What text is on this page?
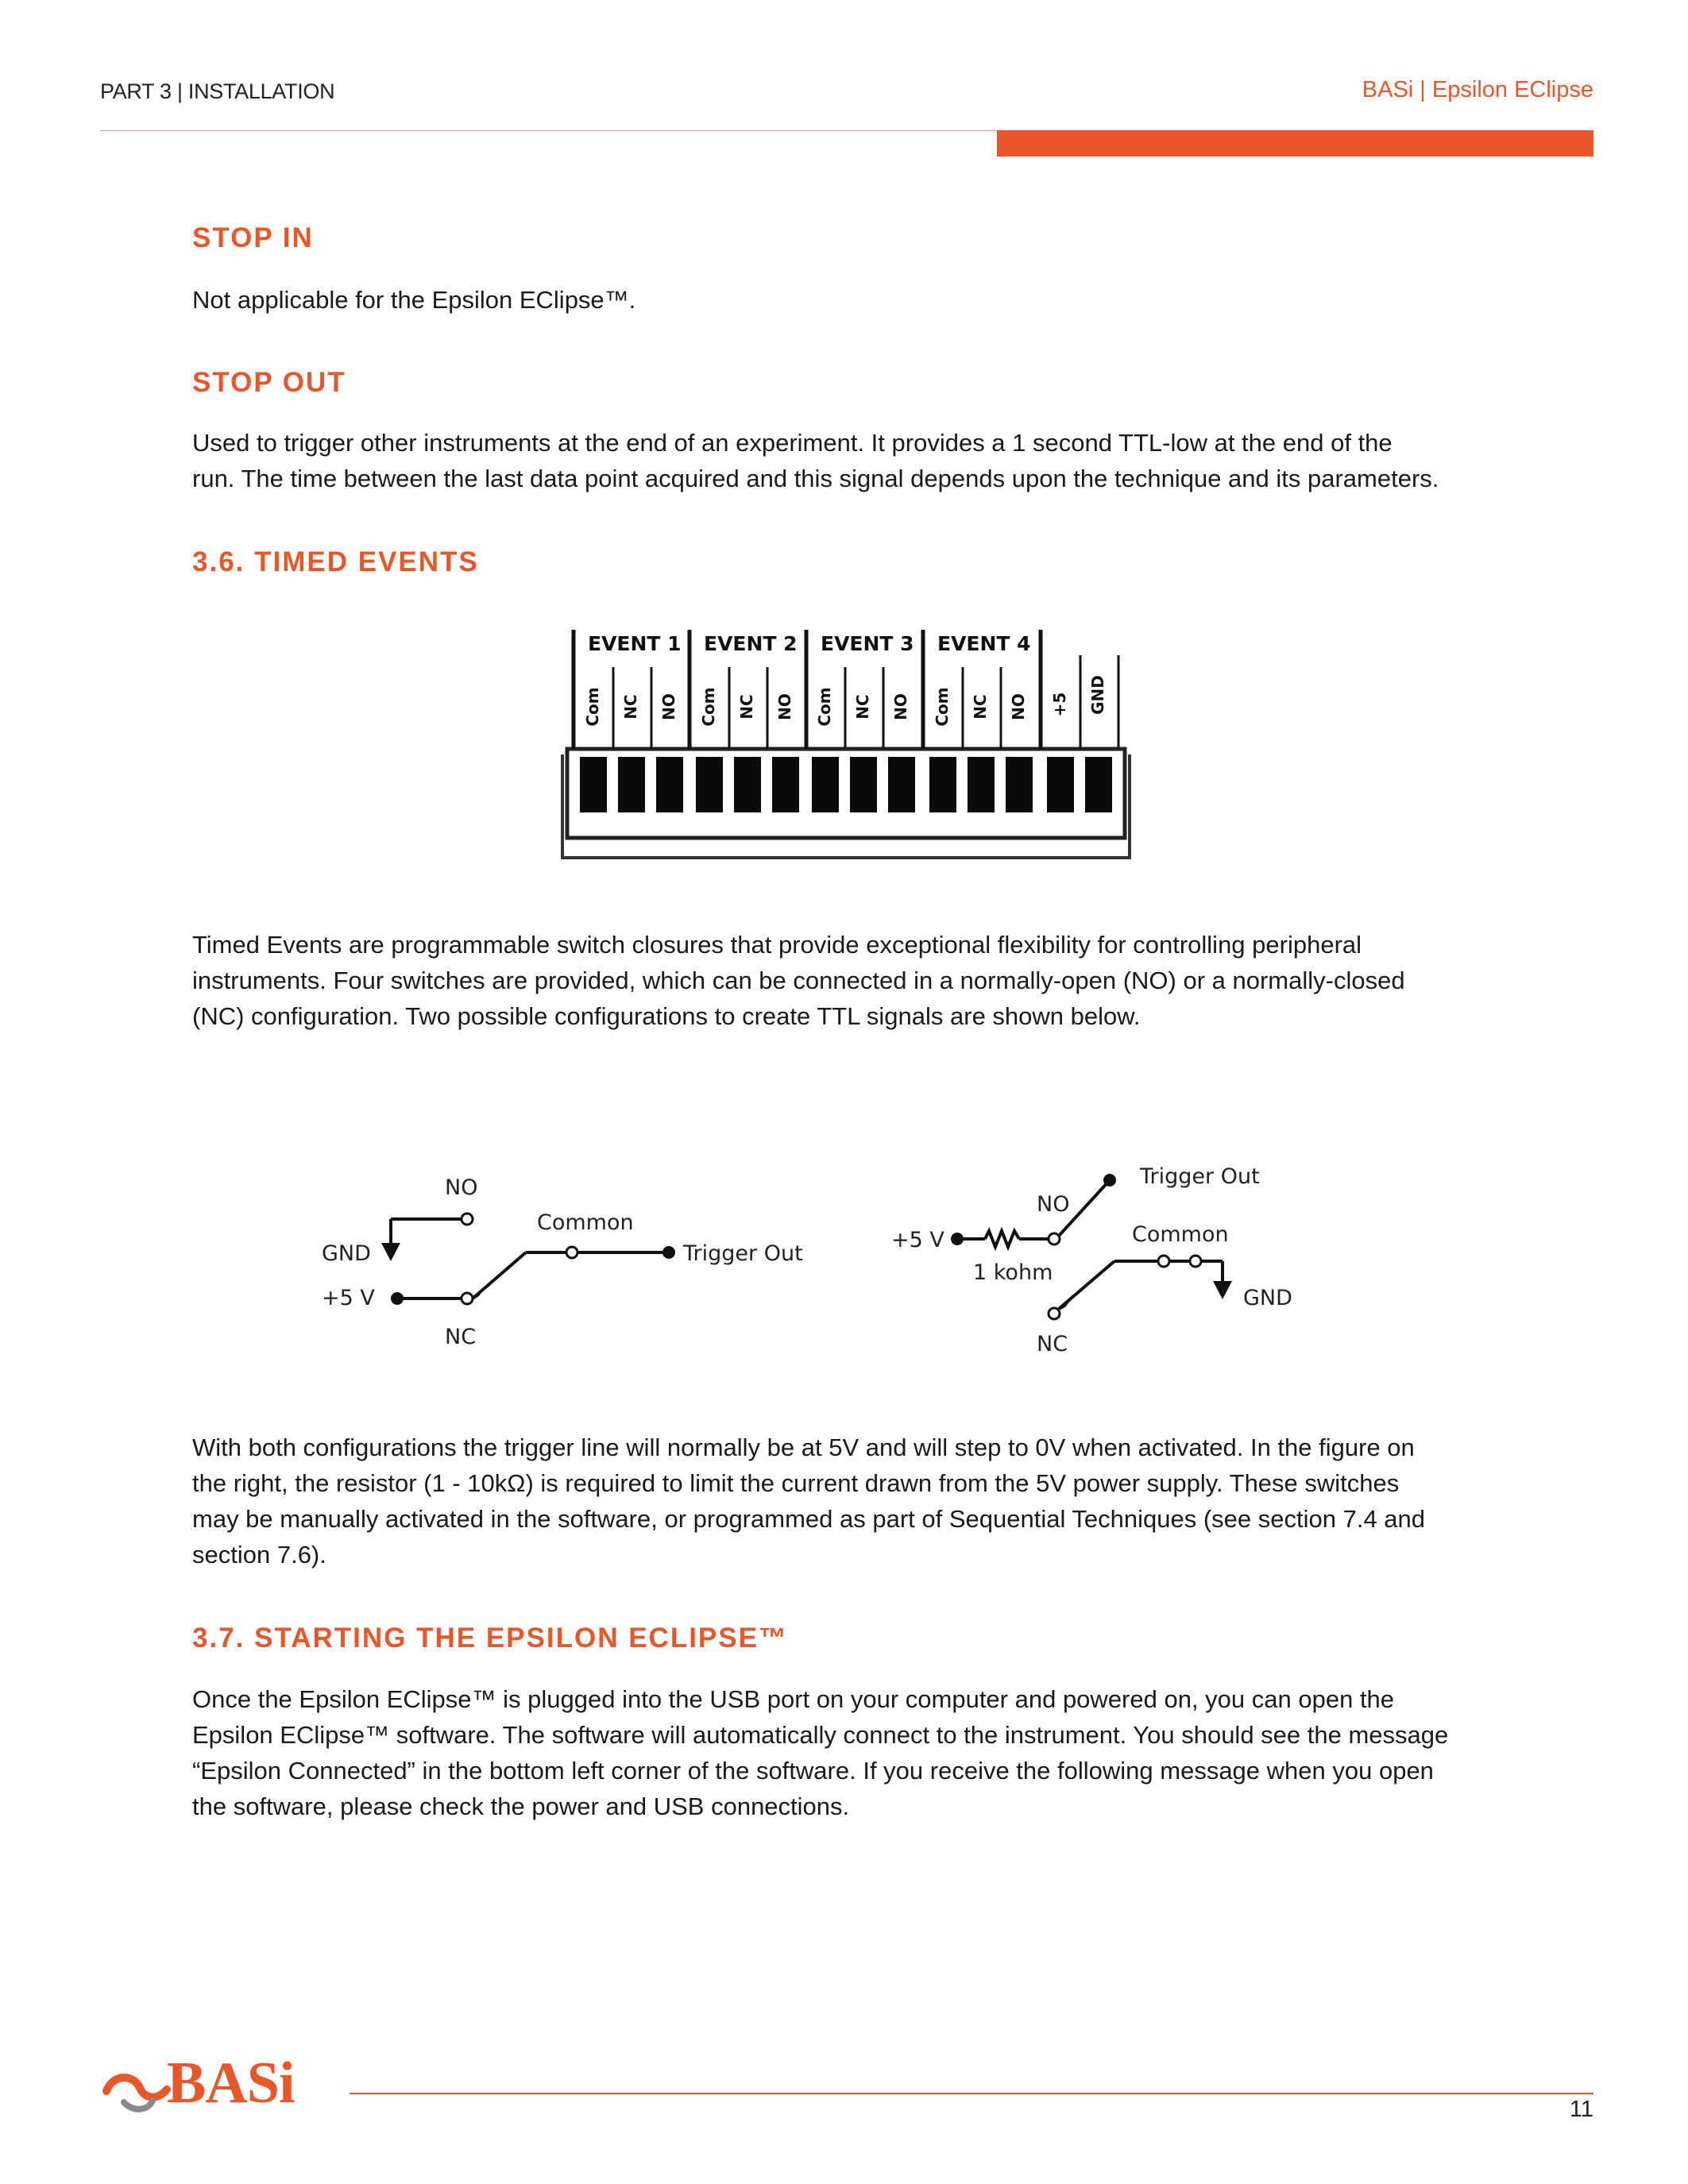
PART 3 | INSTALLATION	BASi | Epsilon EClipse
STOP IN

Not applicable for the Epsilon EClipse™.

STOP OUT

Used to trigger other instruments at the end of an experiment. It provides a 1 second TTL-low at the end of the
run. The time between the last data point acquired and this signal depends upon the technique and its parameters.

3.6. TIMED EVENTS
EVENT 1 EVENT 2 EVENT 3 EVENT 4
Com NC NO Com NC NO Com NC NO Com NC NO +5 GND

Timed Events are programmable switch closures that provide exceptional flexibility for controlling peripheral
instruments. Four switches are provided, which can be connected in a normally-open (NO) or a normally-closed
(NC) configuration. Two possible configurations to create TTL signals are shown below.

NO
GND
+5 V
NC
Common
Trigger Out
Trigger Out
NO
+5 V	Common
1 kohm
NC
GND

With both configurations the trigger line will normally be at 5V and will step to 0V when activated. In the figure on
the right, the resistor (1 - 10kΩ) is required to limit the current drawn from the 5V power supply. These switches
may be manually activated in the software, or programmed as part of Sequential Techniques (see section 7.4 and
section 7.6).

3.7. STARTING THE EPSILON ECLIPSE™

Once the Epsilon EClipse™ is plugged into the USB port on your computer and powered on, you can open the
Epsilon EClipse™ software. The software will automatically connect to the instrument. You should see the message
“Epsilon Connected” in the bottom left corner of the software. If you receive the following message when you open
the software, please check the power and USB connections.

BASi	11
